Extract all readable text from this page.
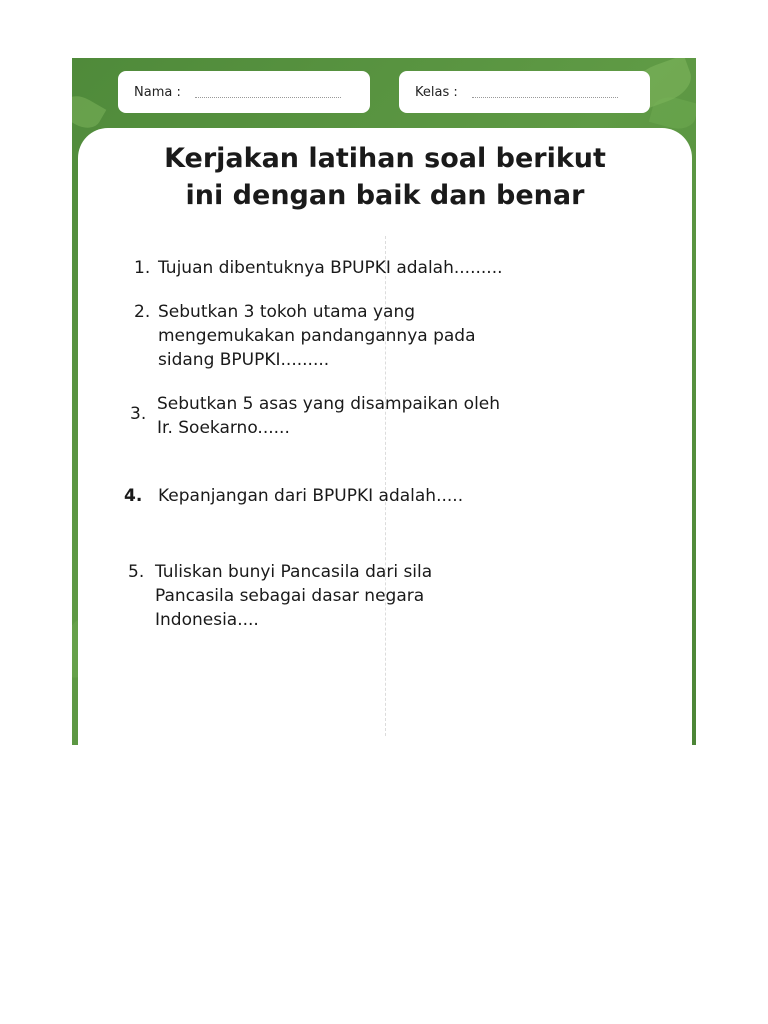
Nama :	Kelas :
Kerjakan latihan soal berikut
ini dengan baik dan benar
1. Tujuan dibentuknya BPUPKI adalah.........
2. Sebutkan 3 tokoh utama yang
mengemukakan pandangannya pada
sidang BPUPKI.........
3. Sebutkan 5 asas yang disampaikan oleh
Ir. Soekarno......
4. Kepanjangan dari BPUPKI adalah.....
5. Tuliskan bunyi Pancasila dari sila
Pancasila sebagai dasar negara
Indonesia....
